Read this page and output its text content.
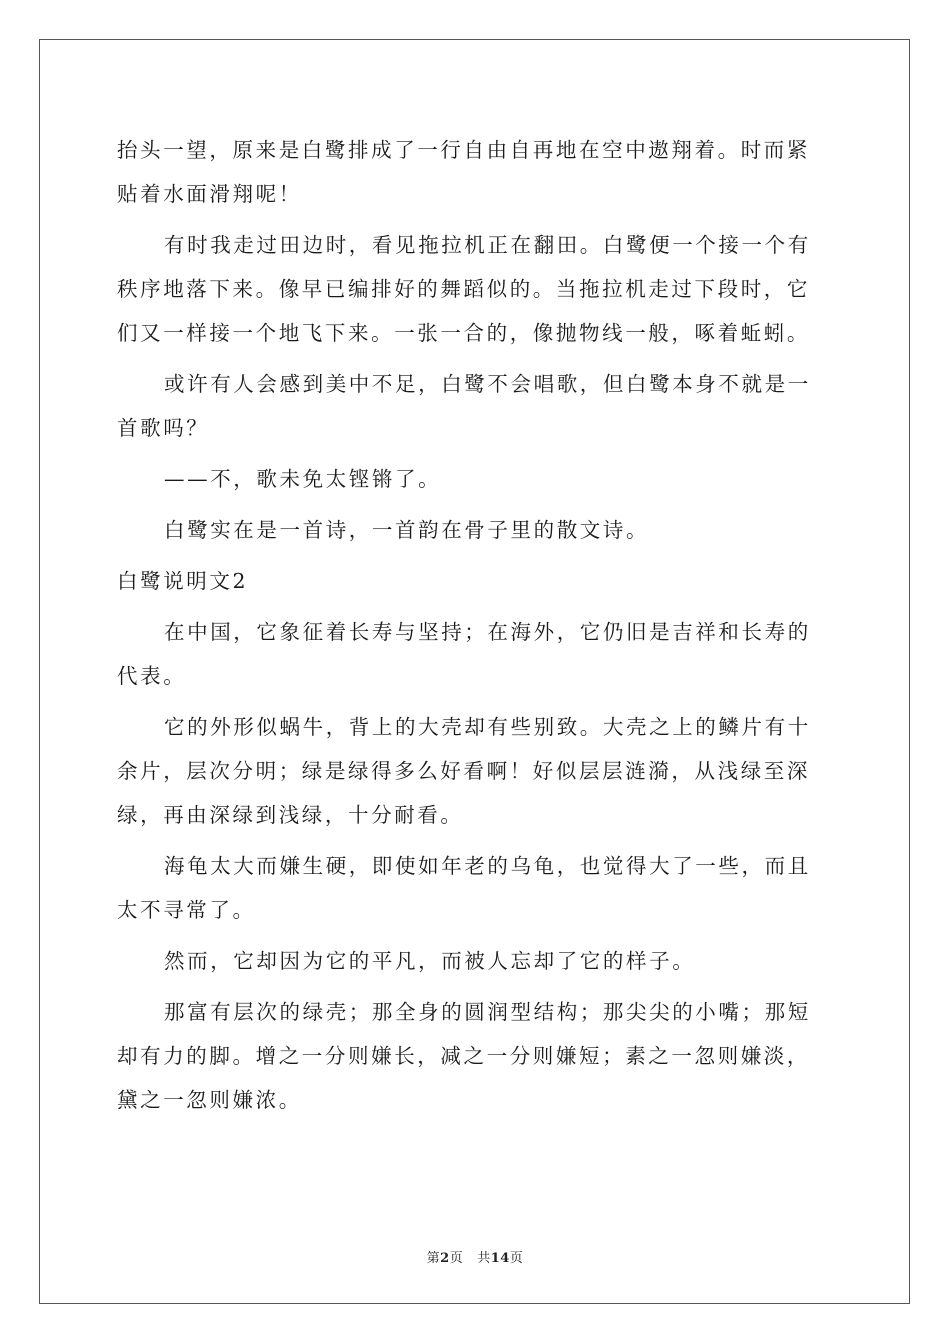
抬头一望，原来是白鹭排成了一行自由自再地在空中遨翔着。时而紧贴着水面滑翔呢！

有时我走过田边时，看见拖拉机正在翻田。白鹭便一个接一个有秩序地落下来。像早已编排好的舞蹈似的。当拖拉机走过下段时，它们又一样接一个地飞下来。一张一合的，像抛物线一般，啄着蚯蚓。

或许有人会感到美中不足，白鹭不会唱歌，但白鹭本身不就是一首歌吗？

——不，歌未免太铿锵了。

白鹭实在是一首诗，一首韵在骨子里的散文诗。

白鹭说明文2

在中国，它象征着长寿与坚持；在海外，它仍旧是吉祥和长寿的代表。

它的外形似蜗牛，背上的大壳却有些别致。大壳之上的鳞片有十余片，层次分明；绿是绿得多么好看啊！好似层层涟漪，从浅绿至深绿，再由深绿到浅绿，十分耐看。

海龟太大而嫌生硬，即使如年老的乌龟，也觉得大了一些，而且太不寻常了。

然而，它却因为它的平凡，而被人忘却了它的样子。

那富有层次的绿壳；那全身的圆润型结构；那尖尖的小嘴；那短却有力的脚。增之一分则嫌长，减之一分则嫌短；素之一忽则嫌淡，黛之一忽则嫌浓。

第2页 共14页
